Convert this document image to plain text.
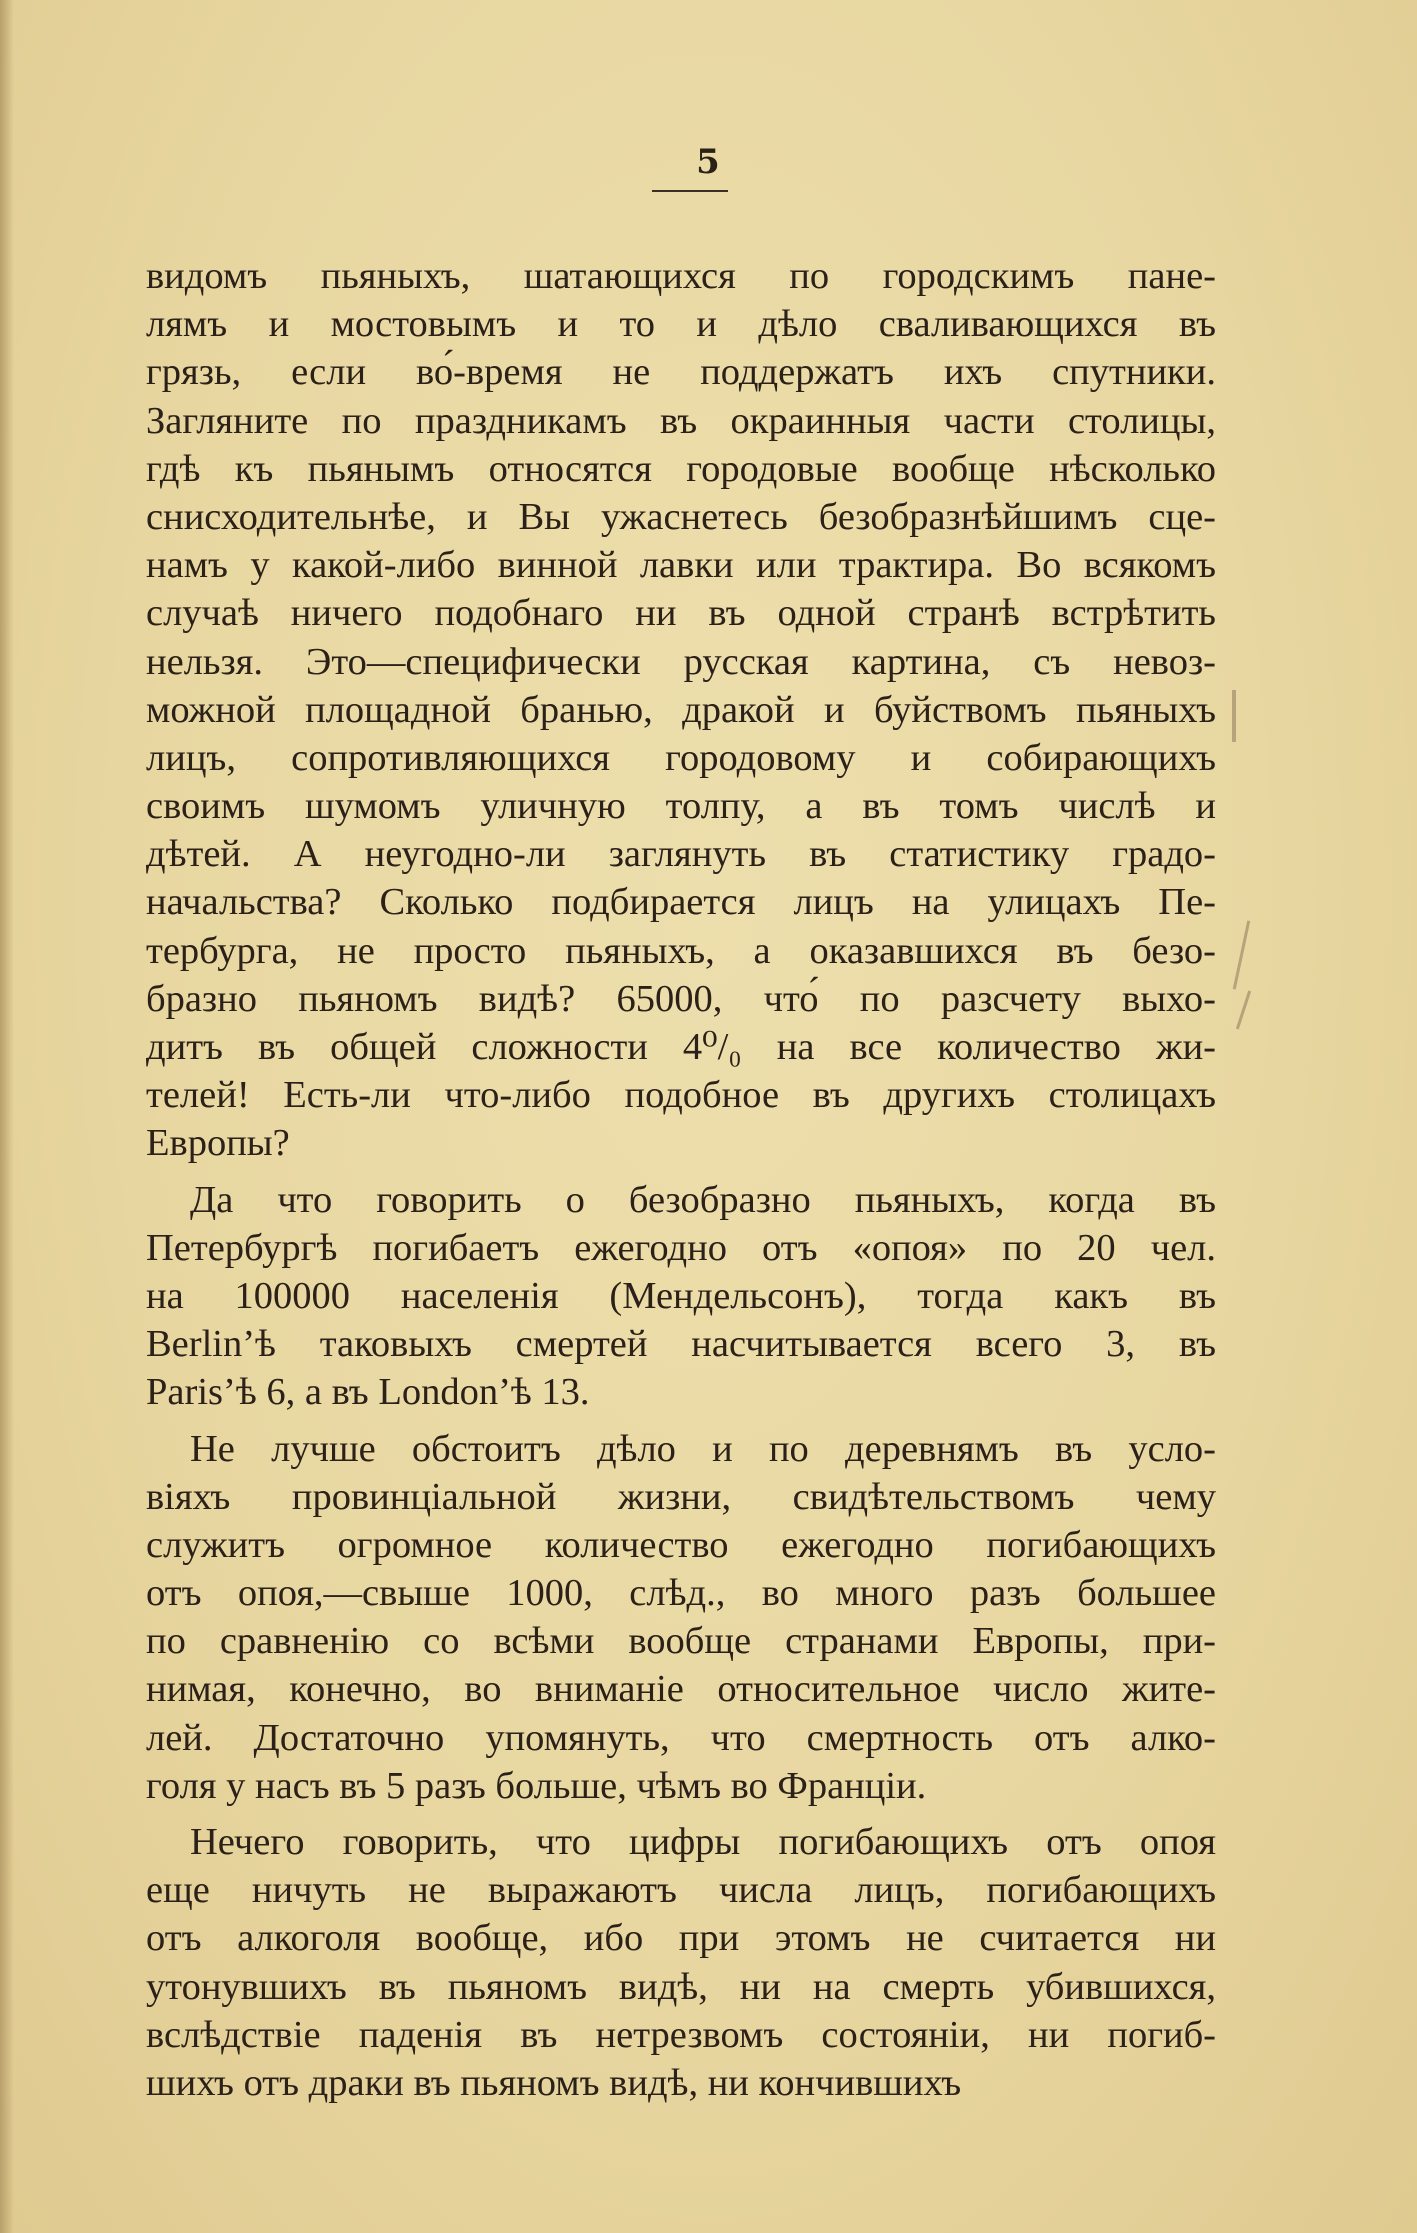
5
видомъ пьяныхъ, шатающихся по городскимъ пане-
лямъ и мостовымъ и то и дѣло сваливающихся въ
грязь, если во́-время не поддержатъ ихъ спутники.
Загляните по праздникамъ въ окраинныя части столицы,
гдѣ къ пьянымъ относятся городовые вообще нѣсколько
снисходительнѣе, и Вы ужаснетесь безобразнѣйшимъ сце-
намъ у какой-либо винной лавки или трактира. Во всякомъ
случаѣ ничего подобнаго ни въ одной странѣ встрѣтить
нельзя. Это—специфически русская картина, съ невоз-
можной площадной бранью, дракой и буйствомъ пьяныхъ
лицъ, сопротивляющихся городовому и собирающихъ
своимъ шумомъ уличную толпу, а въ томъ числѣ и
дѣтей. А неугодно-ли заглянуть въ статистику градо-
начальства? Сколько подбирается лицъ на улицахъ Пе-
тербурга, не просто пьяныхъ, а оказавшихся въ безо-
бразно пьяномъ видѣ? 65000, что́ по разсчету выхо-
дитъ въ общей сложности 4⁰/₀ на все количество жи-
телей! Есть-ли что-либо подобное въ другихъ столицахъ
Европы?
Да что говорить о безобразно пьяныхъ, когда въ
Петербургѣ погибаетъ ежегодно отъ «опоя» по 20 чел.
на 100000 населенія (Мендельсонъ), тогда какъ въ
Berlin’ѣ таковыхъ смертей насчитывается всего 3, въ
Paris’ѣ 6, а въ London’ѣ 13.
Не лучше обстоитъ дѣло и по деревнямъ въ усло-
віяхъ провинціальной жизни, свидѣтельствомъ чему
служитъ огромное количество ежегодно погибающихъ
отъ опоя,—свыше 1000, слѣд., во много разъ большее
по сравненію со всѣми вообще странами Европы, при-
нимая, конечно, во вниманіе относительное число жите-
лей. Достаточно упомянуть, что смертность отъ алко-
голя у насъ въ 5 разъ больше, чѣмъ во Франціи.
Нечего говорить, что цифры погибающихъ отъ опоя
еще ничуть не выражаютъ числа лицъ, погибающихъ
отъ алкоголя вообще, ибо при этомъ не считается ни
утонувшихъ въ пьяномъ видѣ, ни на смерть убившихся,
вслѣдствіе паденія въ нетрезвомъ состояніи, ни погиб-
шихъ отъ драки въ пьяномъ видѣ, ни кончившихъ
